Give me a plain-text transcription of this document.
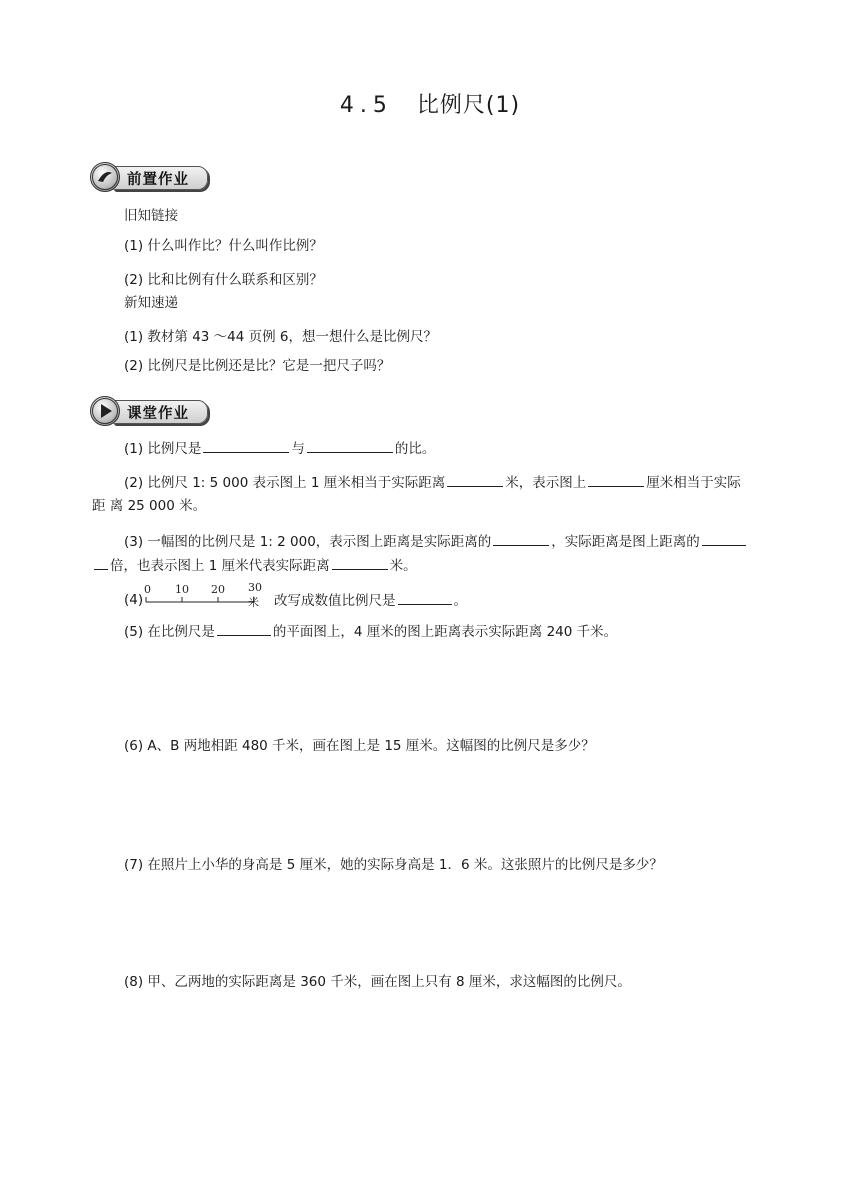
4.5 比例尺(1)
前置作业
旧知链接
(1) 什么叫作比？什么叫作比例？
(2) 比和比例有什么联系和区别？
新知速递
(1) 教材第 43 ～44 页例 6，想一想什么是比例尺？
(2) 比例尺是比例还是比？它是一把尺子吗？
课堂作业
(1) 比例尺是	与	的比。
(2) 比例尺 1: 5 000 表示图上 1 厘米相当于实际距离	米，表示图上	厘米相当于实际
距 离 25 000 米。
(3) 一幅图的比例尺是 1: 2 000，表示图上距离是实际距离的	，实际距离是图上距离的
倍，也表示图上 1 厘米代表实际距离	米。
(4)
0 10 20 30米	改写成数值比例尺是	。
(5) 在比例尺是	的平面图上，4 厘米的图上距离表示实际距离 240 千米。
(6) A、B 两地相距 480 千米，画在图上是 15 厘米。这幅图的比例尺是多少？
(7) 在照片上小华的身高是 5 厘米，她的实际身高是 1．6 米。这张照片的比例尺是多少？
(8) 甲、乙两地的实际距离是 360 千米，画在图上只有 8 厘米，求这幅图的比例尺。
